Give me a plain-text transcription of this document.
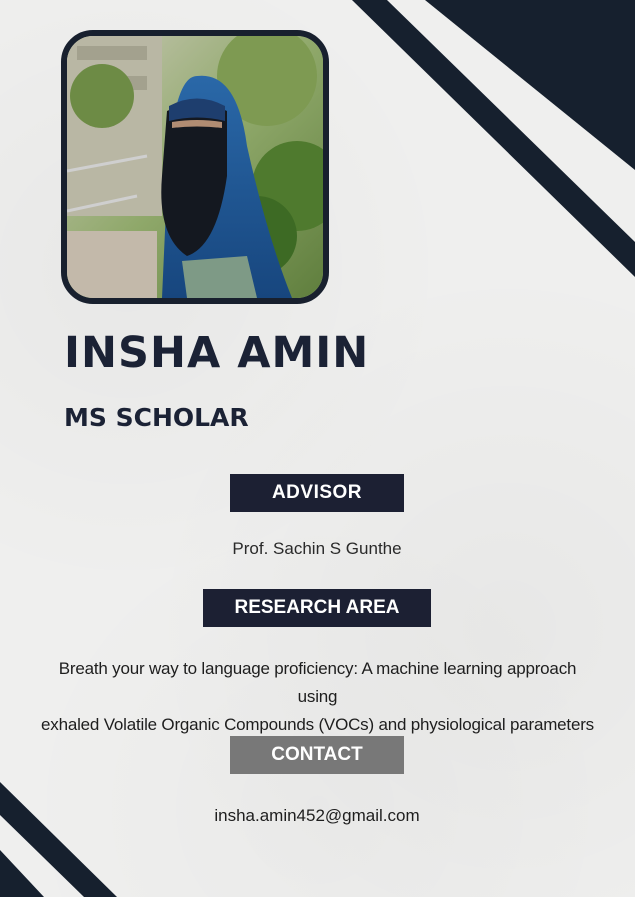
INSHA AMIN
MS SCHOLAR
ADVISOR
Prof. Sachin S Gunthe
RESEARCH AREA
Breath your way to language proficiency: A machine learning approach using
exhaled Volatile Organic Compounds (VOCs) and physiological parameters
CONTACT
insha.amin452@gmail.com
